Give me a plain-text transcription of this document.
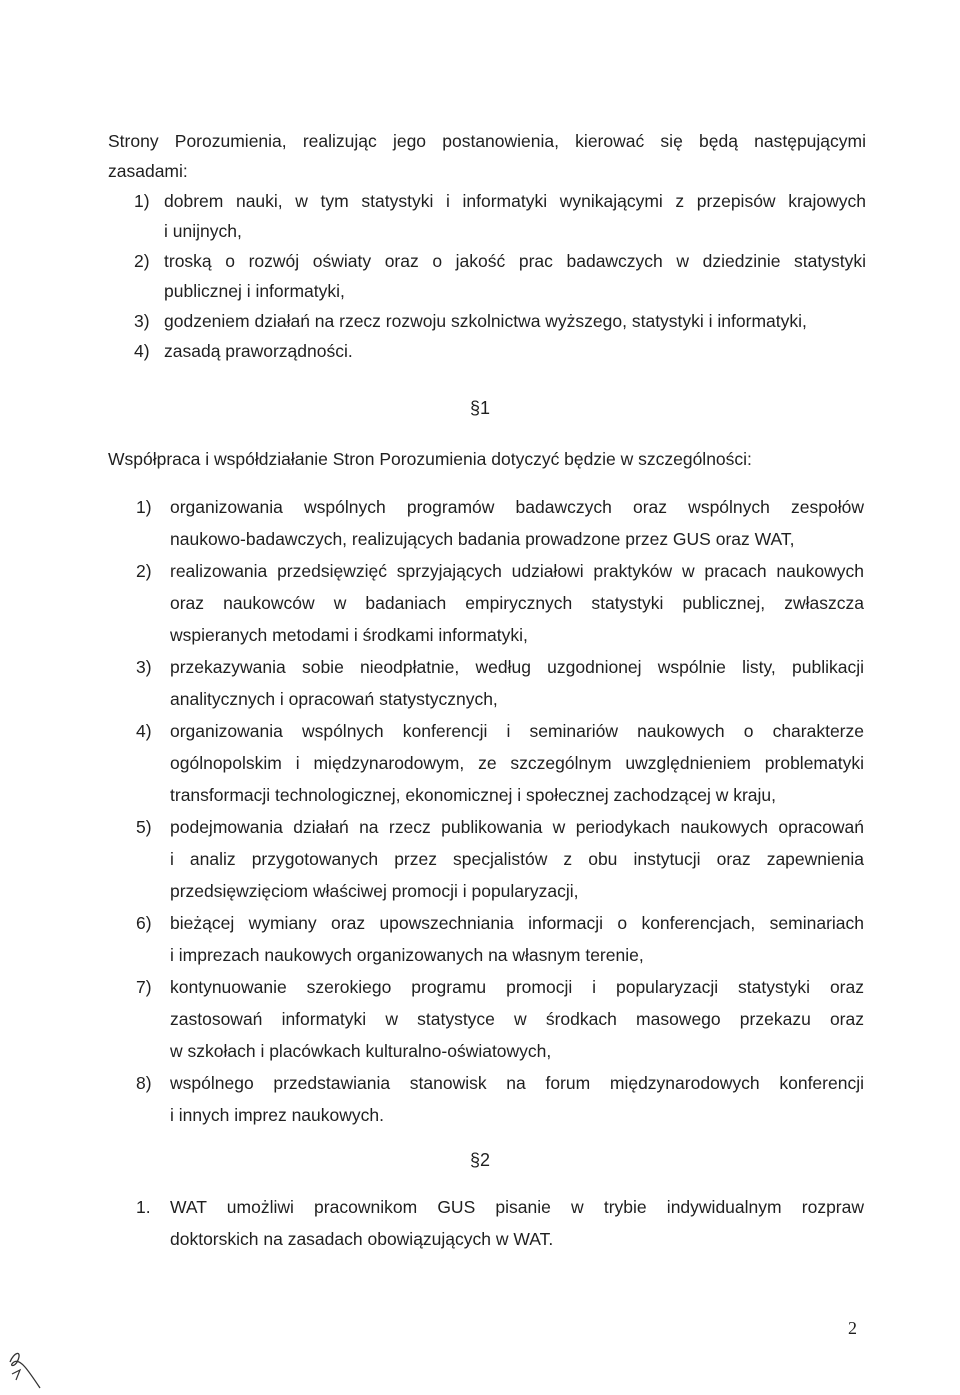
Strony Porozumienia, realizując jego postanowienia, kierować się będą następującymi
zasadami:
1) dobrem nauki, w tym statystyki i informatyki wynikającymi z przepisów krajowych
i unijnych,
2) troską o rozwój oświaty oraz o jakość prac badawczych w dziedzinie statystyki
publicznej i informatyki,
3) godzeniem działań na rzecz rozwoju szkolnictwa wyższego, statystyki i informatyki,
4) zasadą praworządności.
§1
Współpraca i współdziałanie Stron Porozumienia dotyczyć będzie w szczególności:
1) organizowania wspólnych programów badawczych oraz wspólnych zespołów
naukowo-badawczych, realizujących badania prowadzone przez GUS oraz WAT,
2) realizowania przedsięwzięć sprzyjających udziałowi praktyków w pracach naukowych
oraz naukowców w badaniach empirycznych statystyki publicznej, zwłaszcza
wspieranych metodami i środkami informatyki,
3) przekazywania sobie nieodpłatnie, według uzgodnionej wspólnie listy, publikacji
analitycznych i opracowań statystycznych,
4) organizowania wspólnych konferencji i seminariów naukowych o charakterze
ogólnopolskim i międzynarodowym, ze szczególnym uwzględnieniem problematyki
transformacji technologicznej, ekonomicznej i społecznej zachodzącej w kraju,
5) podejmowania działań na rzecz publikowania w periodykach naukowych opracowań
i analiz przygotowanych przez specjalistów z obu instytucji oraz zapewnienia
przedsięwzięciom właściwej promocji i popularyzacji,
6) bieżącej wymiany oraz upowszechniania informacji o konferencjach, seminariach
i imprezach naukowych organizowanych na własnym terenie,
7) kontynuowanie szerokiego programu promocji i popularyzacji statystyki oraz
zastosowań informatyki w statystyce w środkach masowego przekazu oraz
w szkołach i placówkach kulturalno-oświatowych,
8) wspólnego przedstawiania stanowisk na forum międzynarodowych konferencji
i innych imprez naukowych.
§2
1. WAT umożliwi pracownikom GUS pisanie w trybie indywidualnym rozpraw
doktorskich na zasadach obowiązujących w WAT.
2
